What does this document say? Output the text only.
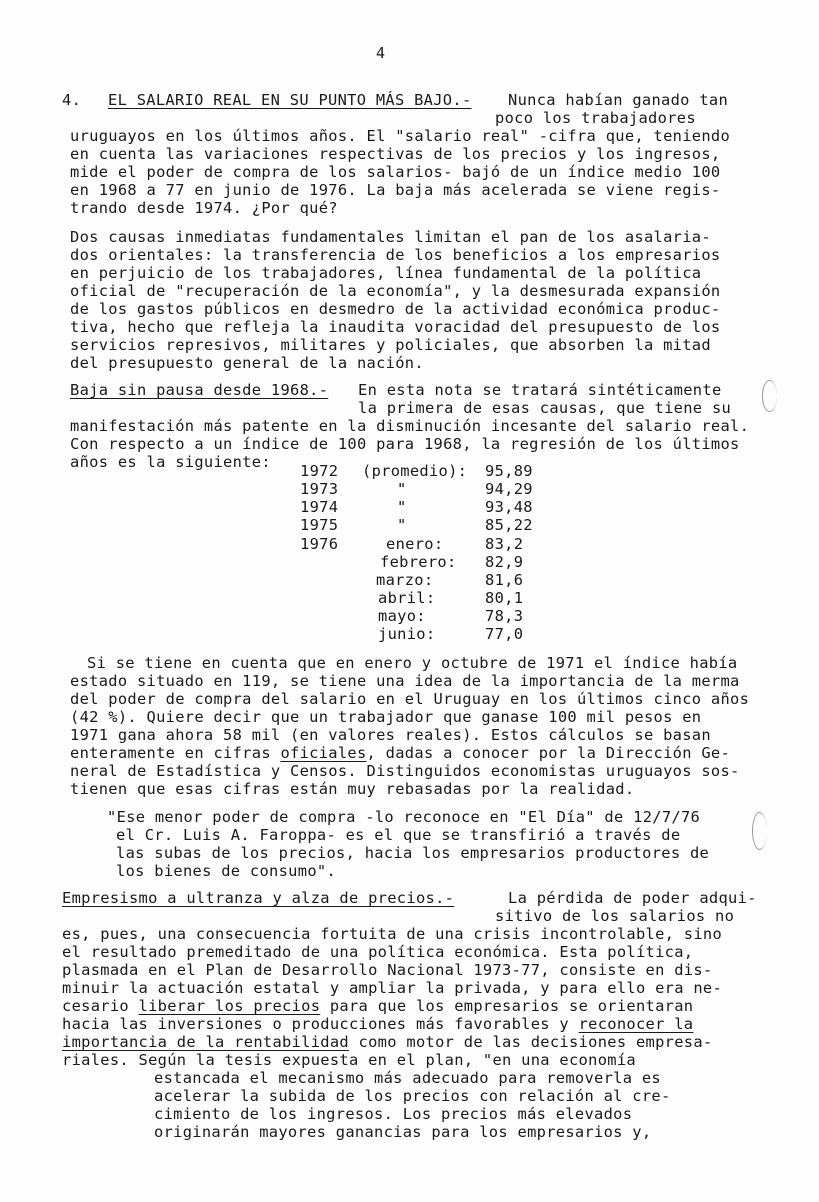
4
4. EL SALARIO REAL EN SU PUNTO MÁS BAJO.- Nunca habían ganado tan
poco los trabajadores
uruguayos en los últimos años. El "salario real" -cifra que, teniendo
en cuenta las variaciones respectivas de los precios y los ingresos,
mide el poder de compra de los salarios- bajó de un índice medio 100
en 1968 a 77 en junio de 1976. La baja más acelerada se viene regis-
trando desde 1974. ¿Por qué?
Dos causas inmediatas fundamentales limitan el pan de los asalaria-
dos orientales: la transferencia de los beneficios a los empresarios
en perjuicio de los trabajadores, línea fundamental de la política
oficial de "recuperación de la economía", y la desmesurada expansión
de los gastos públicos en desmedro de la actividad económica produc-
tiva, hecho que refleja la inaudita voracidad del presupuesto de los
servicios represivos, militares y policiales, que absorben la mitad
del presupuesto general de la nación.
Baja sin pausa desde 1968.- En esta nota se tratará sintéticamente
la primera de esas causas, que tiene su
manifestación más patente en la disminución incesante del salario real.
Con respecto a un índice de 100 para 1968, la regresión de los últimos
años es la siguiente: 1972 (promedio): 95,89
1973	"	94,29
1974	"	93,48
1975	"	85,22
1976	enero:	83,2
febrero: 82,9
marzo:	81,6
abril:	80,1
mayo:	78,3
junio:	77,0
Si se tiene en cuenta que en enero y octubre de 1971 el índice había
estado situado en 119, se tiene una idea de la importancia de la merma
del poder de compra del salario en el Uruguay en los últimos cinco años
(42 %). Quiere decir que un trabajador que ganase 100 mil pesos en
1971 gana ahora 58 mil (en valores reales). Estos cálculos se basan
enteramente en cifras oficiales, dadas a conocer por la Dirección Ge-
neral de Estadística y Censos. Distinguidos economistas uruguayos sos-
tienen que esas cifras están muy rebasadas por la realidad.
"Ese menor poder de compra -lo reconoce en "El Día" de 12/7/76
el Cr. Luis A. Faroppa- es el que se transfirió a través de
las subas de los precios, hacia los empresarios productores de
los bienes de consumo".
Empresismo a ultranza y alza de precios.-	La pérdida de poder adqui-
sitivo de los salarios no
es, pues, una consecuencia fortuita de una crisis incontrolable, sino
el resultado premeditado de una política económica. Esta política,
plasmada en el Plan de Desarrollo Nacional 1973-77, consiste en dis-
minuir la actuación estatal y ampliar la privada, y para ello era ne-
cesario liberar los precios para que los empresarios se orientaran
hacia las inversiones o producciones más favorables y reconocer la
importancia de la rentabilidad como motor de las decisiones empresa-
riales. Según la tesis expuesta en el plan, "en una economía
estancada el mecanismo más adecuado para removerla es
acelerar la subida de los precios con relación al cre-
cimiento de los ingresos. Los precios más elevados
originarán mayores ganancias para los empresarios y,
